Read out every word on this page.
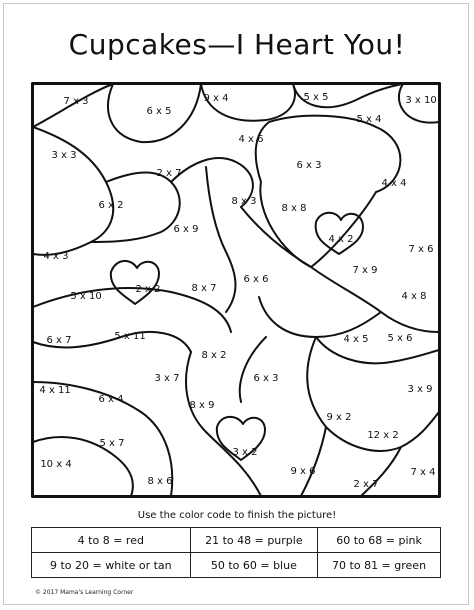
Cupcakes—I Heart You!
7 x 3
6 x 5
9 x 4	5 x 5	3 x 10
5 x 4
3 x 3
4 x 6
2 x 7
6 x 3
4 x 4
6 x 2	8 x 3
8 x 8
6 x 9
4 x 2
7 x 6
4 x 3
7 x 9
2 x 2	8 x 7
6 x 6
5 x 10	4 x 8
6 x 7	5 x 11	4 x 5 5 x 6
8 x 2
3 x 7	6 x 3
4 x 11
6 x 4
8 x 9
3 x 9
9 x 2
5 x 7
12 x 2
3 x 2
10 x 4
9 x 6	7 x 4
8 x 6	2 x 7
Use the color code to finish the picture!
4 to 8 = red	21 to 48 = purple	60 to 68 = pink
9 to 20 = white or tan	50 to 60 = blue	70 to 81 = green
© 2017 Mama's Learning Corner
